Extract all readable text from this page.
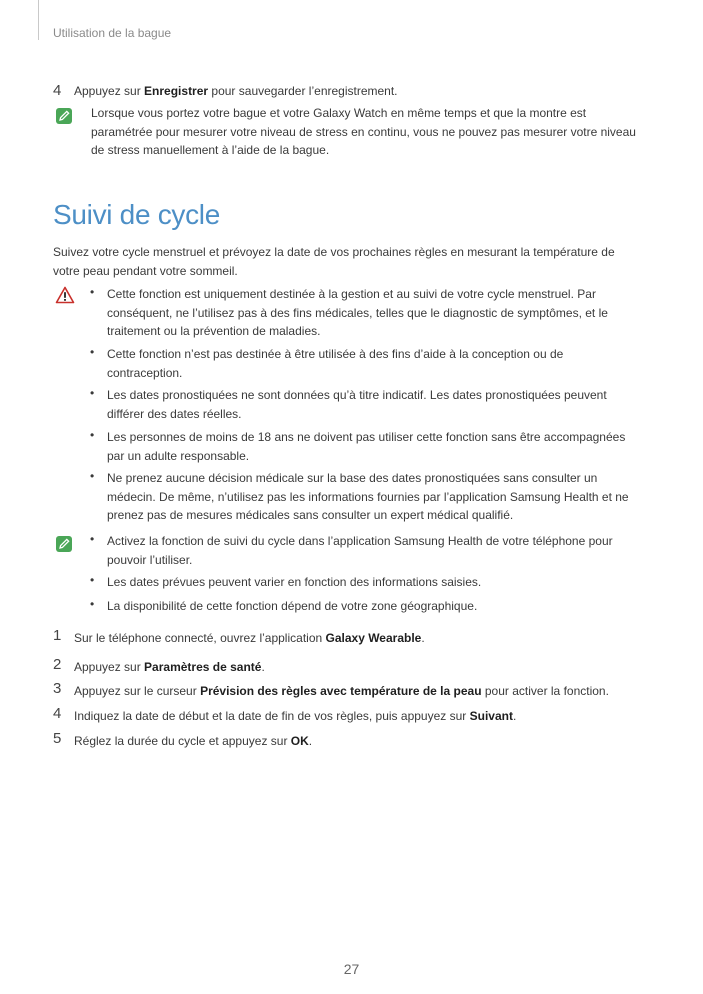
Utilisation de la bague
4 Appuyez sur Enregistrer pour sauvegarder l’enregistrement.
Lorsque vous portez votre bague et votre Galaxy Watch en même temps et que la montre est
paramétrée pour mesurer votre niveau de stress en continu, vous ne pouvez pas mesurer votre niveau
de stress manuellement à l’aide de la bague.
Suivi de cycle
Suivez votre cycle menstruel et prévoyez la date de vos prochaines règles en mesurant la température de
votre peau pendant votre sommeil.
• Cette fonction est uniquement destinée à la gestion et au suivi de votre cycle menstruel. Par
conséquent, ne l’utilisez pas à des fins médicales, telles que le diagnostic de symptômes, et le
traitement ou la prévention de maladies.
• Cette fonction n’est pas destinée à être utilisée à des fins d’aide à la conception ou de
contraception.
• Les dates pronostiquées ne sont données qu’à titre indicatif. Les dates pronostiquées peuvent
différer des dates réelles.
• Les personnes de moins de 18 ans ne doivent pas utiliser cette fonction sans être accompagnées
par un adulte responsable.
• Ne prenez aucune décision médicale sur la base des dates pronostiquées sans consulter un
médecin. De même, n’utilisez pas les informations fournies par l’application Samsung Health et ne
prenez pas de mesures médicales sans consulter un expert médical qualifié.
• Activez la fonction de suivi du cycle dans l’application Samsung Health de votre téléphone pour
pouvoir l’utiliser.
• Les dates prévues peuvent varier en fonction des informations saisies.
• La disponibilité de cette fonction dépend de votre zone géographique.
1 Sur le téléphone connecté, ouvrez l’application Galaxy Wearable.
2 Appuyez sur Paramètres de santé.
3 Appuyez sur le curseur Prévision des règles avec température de la peau pour activer la fonction.
4 Indiquez la date de début et la date de fin de vos règles, puis appuyez sur Suivant.
5 Réglez la durée du cycle et appuyez sur OK.
27
